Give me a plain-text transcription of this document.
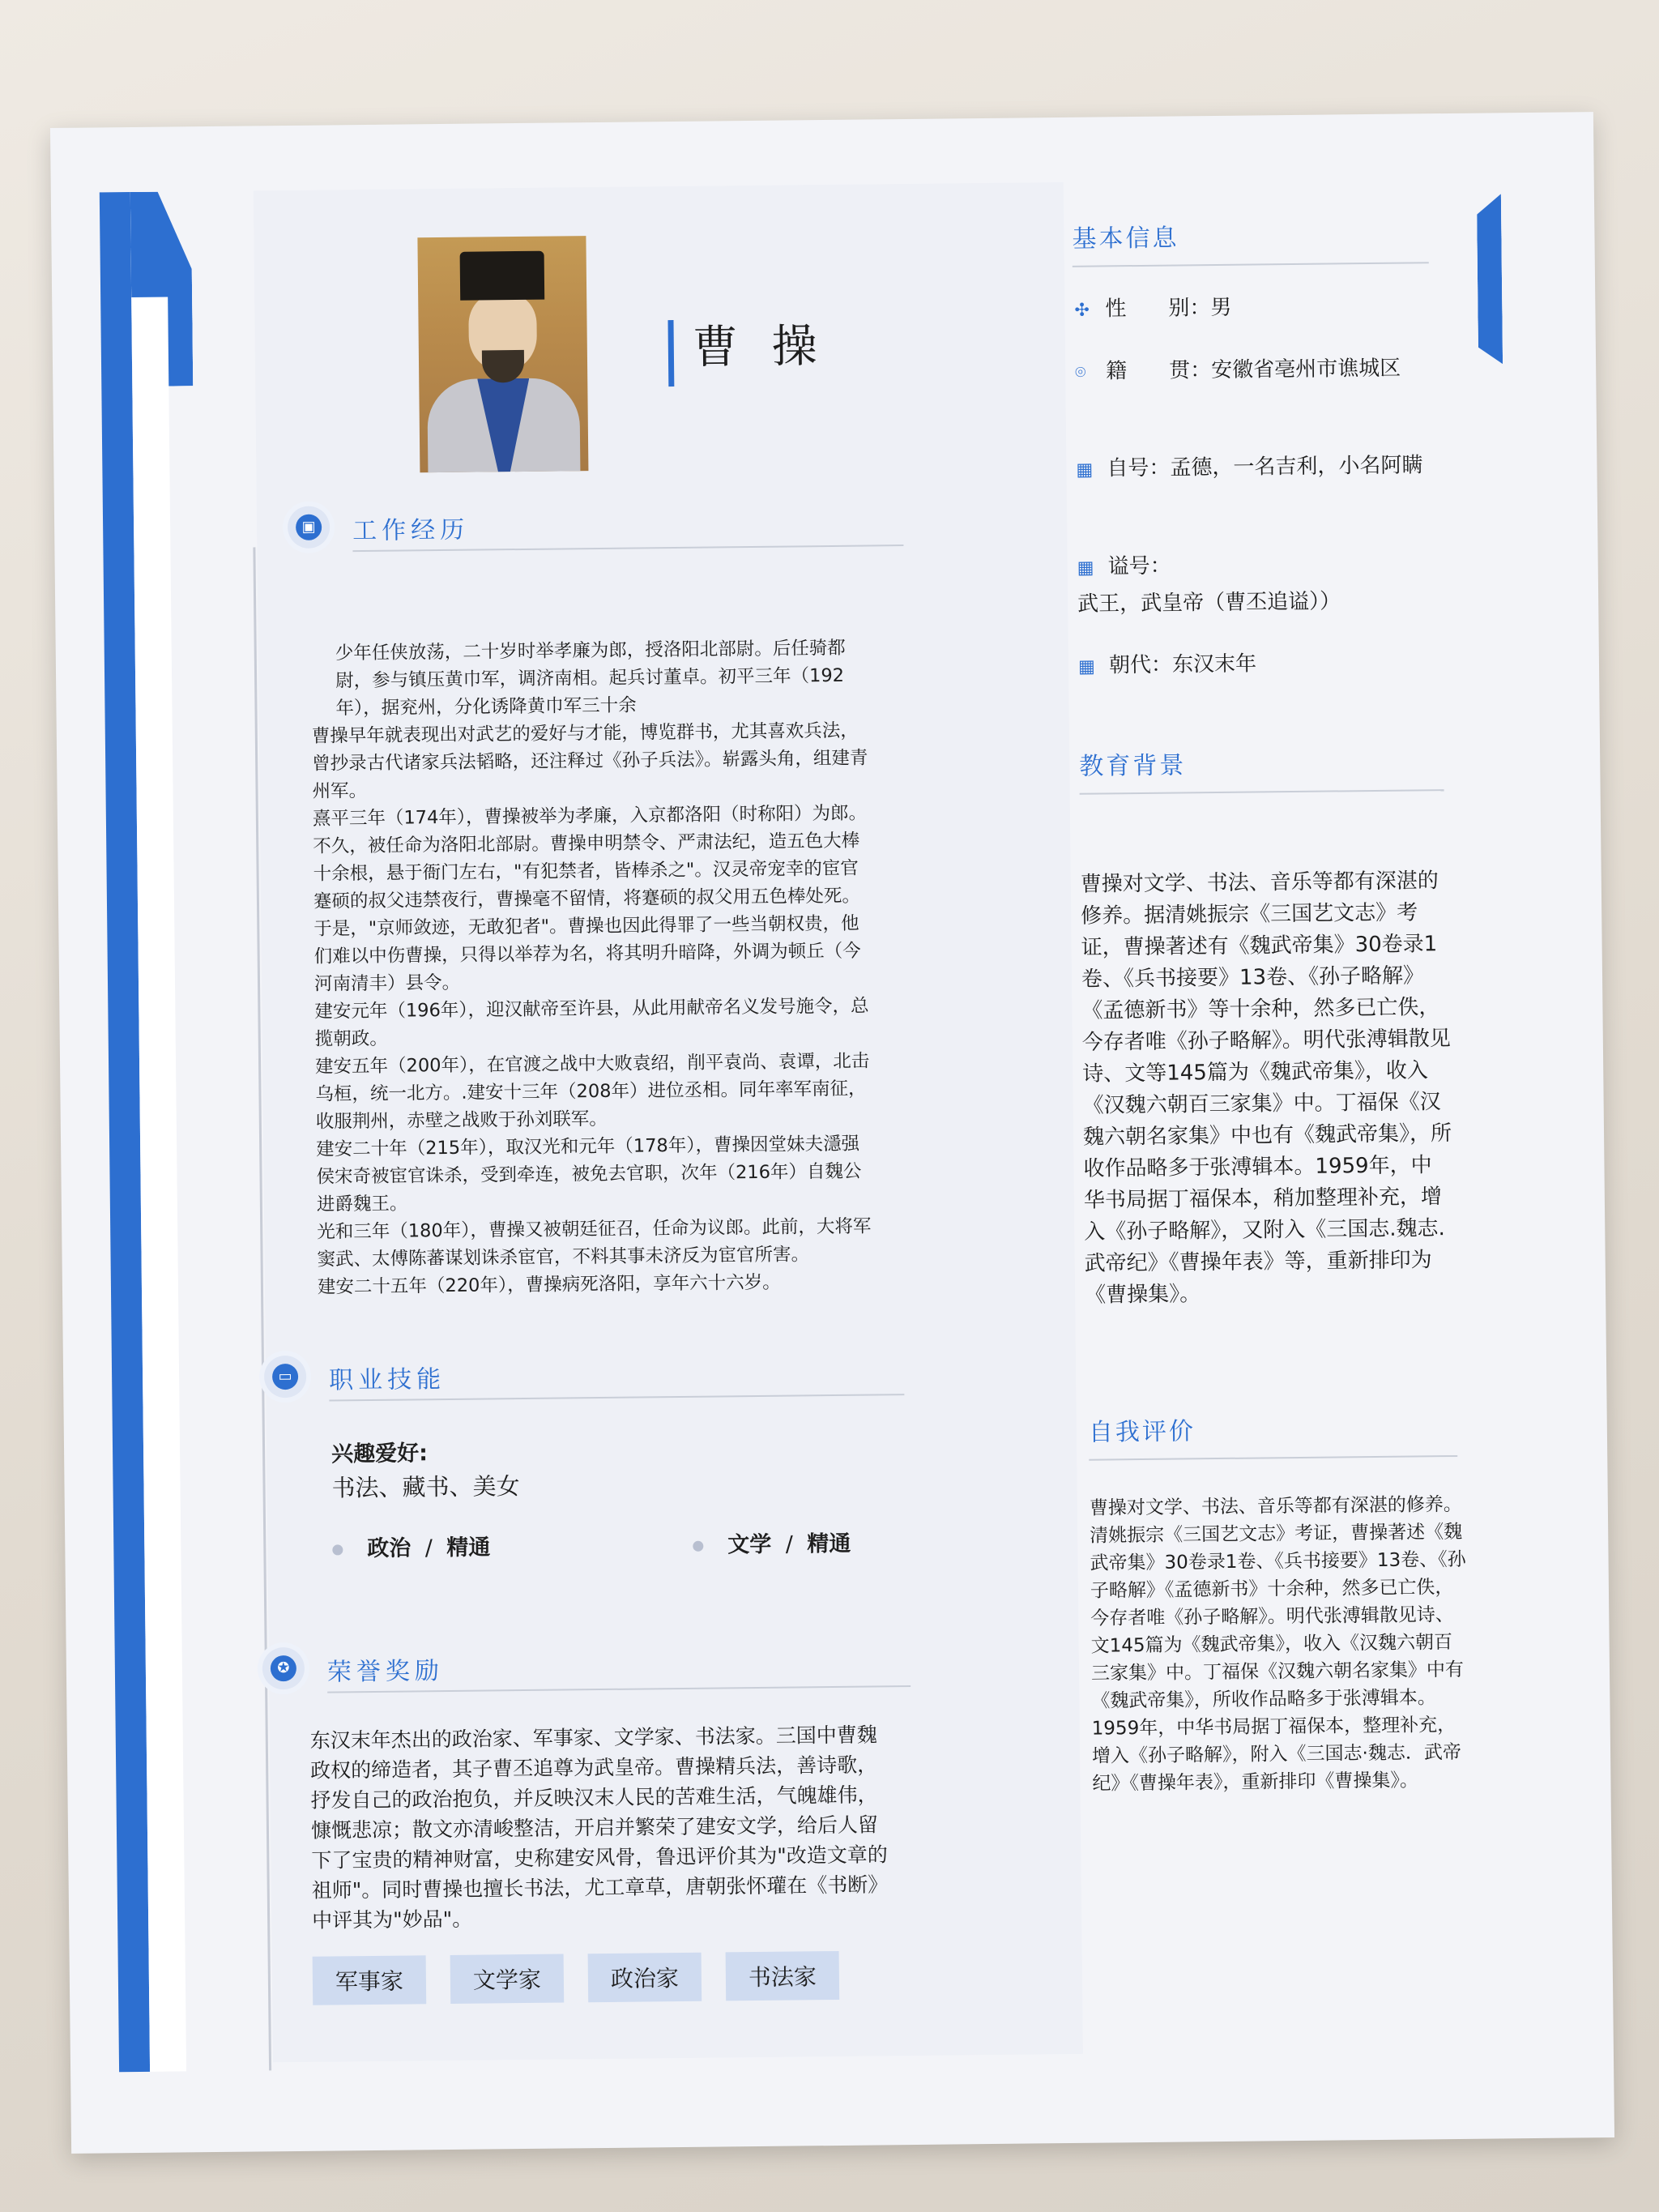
曹 操
▣ 工作经历

少年任侠放荡，二十岁时举孝廉为郎，授洛阳北部尉。后任骑都尉，参与镇压黄巾军，调济南相。起兵讨董卓。初平三年（192年），据兖州，分化诱降黄巾军三十余

曹操早年就表现出对武艺的爱好与才能，博览群书，尤其喜欢兵法，曾抄录古代诸家兵法韬略，还注释过《孙子兵法》。崭露头角，组建青州军。

熹平三年（174年），曹操被举为孝廉，入京都洛阳（时称阳）为郎。不久，被任命为洛阳北部尉。曹操申明禁令、严肃法纪，造五色大棒十余根，悬于衙门左右，"有犯禁者，皆棒杀之"。汉灵帝宠幸的宦官蹇硕的叔父违禁夜行，曹操毫不留情，将蹇硕的叔父用五色棒处死。于是，"京师敛迹，无敢犯者"。曹操也因此得罪了一些当朝权贵，他们难以中伤曹操，只得以举荐为名，将其明升暗降，外调为顿丘（今河南清丰）县令。

建安元年（196年），迎汉献帝至许县，从此用献帝名义发号施令，总揽朝政。

建安五年（200年），在官渡之战中大败袁绍，削平袁尚、袁谭，北击乌桓，统一北方。.建安十三年（208年）进位丞相。同年率军南征，收服荆州，赤壁之战败于孙刘联军。

建安二十年（215年），取汉光和元年（178年），曹操因堂妹夫濦强侯宋奇被宦官诛杀，受到牵连，被免去官职，次年（216年）自魏公进爵魏王。

光和三年（180年），曹操又被朝廷征召，任命为议郎。此前，大将军窦武、太傅陈蕃谋划诛杀宦官，不料其事未济反为宦官所害。

建安二十五年（220年），曹操病死洛阳，享年六十六岁。

▭ 职业技能
兴趣爱好:
书法、藏书、美女
政治 / 精通	文学 / 精通
✪ 荣誉奖励
东汉末年杰出的政治家、军事家、文学家、书法家。三国中曹魏政权的缔造者，其子曹丕追尊为武皇帝。曹操精兵法，善诗歌，抒发自己的政治抱负，并反映汉末人民的苦难生活，气魄雄伟，慷慨悲凉；散文亦清峻整洁，开启并繁荣了建安文学，给后人留下了宝贵的精神财富，史称建安风骨，鲁迅评价其为"改造文章的祖师"。同时曹操也擅长书法，尤工章草，唐朝张怀瓘在《书断》中评其为"妙品"。
军事家	文学家	政治家	书法家
基本信息
✣ 性　　别：男
⌾ 籍　　贯：安徽省亳州市谯城区
▦ 自号：孟德，一名吉利，小名阿瞒
▦ 谥号：武王，武皇帝（曹丕追谥））
▦ 朝代：东汉末年
教育背景
曹操对文学、书法、音乐等都有深湛的修养。据清姚振宗《三国艺文志》考证，曹操著述有《魏武帝集》30卷录1卷、《兵书接要》13卷、《孙子略解》《孟德新书》等十余种，然多已亡佚，今存者唯《孙子略解》。明代张溥辑散见诗、文等145篇为《魏武帝集》，收入《汉魏六朝百三家集》中。丁福保《汉魏六朝名家集》中也有《魏武帝集》，所收作品略多于张溥辑本。1959年，中华书局据丁福保本，稍加整理补充，增入《孙子略解》，又附入《三国志.魏志.武帝纪》《曹操年表》等，重新排印为《曹操集》。
自我评价
曹操对文学、书法、音乐等都有深湛的修养。清姚振宗《三国艺文志》考证，曹操著述《魏武帝集》30卷录1卷、《兵书接要》13卷、《孙子略解》《孟德新书》十余种，然多已亡佚，今存者唯《孙子略解》。明代张溥辑散见诗、文145篇为《魏武帝集》，收入《汉魏六朝百三家集》中。丁福保《汉魏六朝名家集》中有《魏武帝集》，所收作品略多于张溥辑本。1959年，中华书局据丁福保本，整理补充，增入《孙子略解》，附入《三国志·魏志．武帝纪》《曹操年表》，重新排印《曹操集》。
